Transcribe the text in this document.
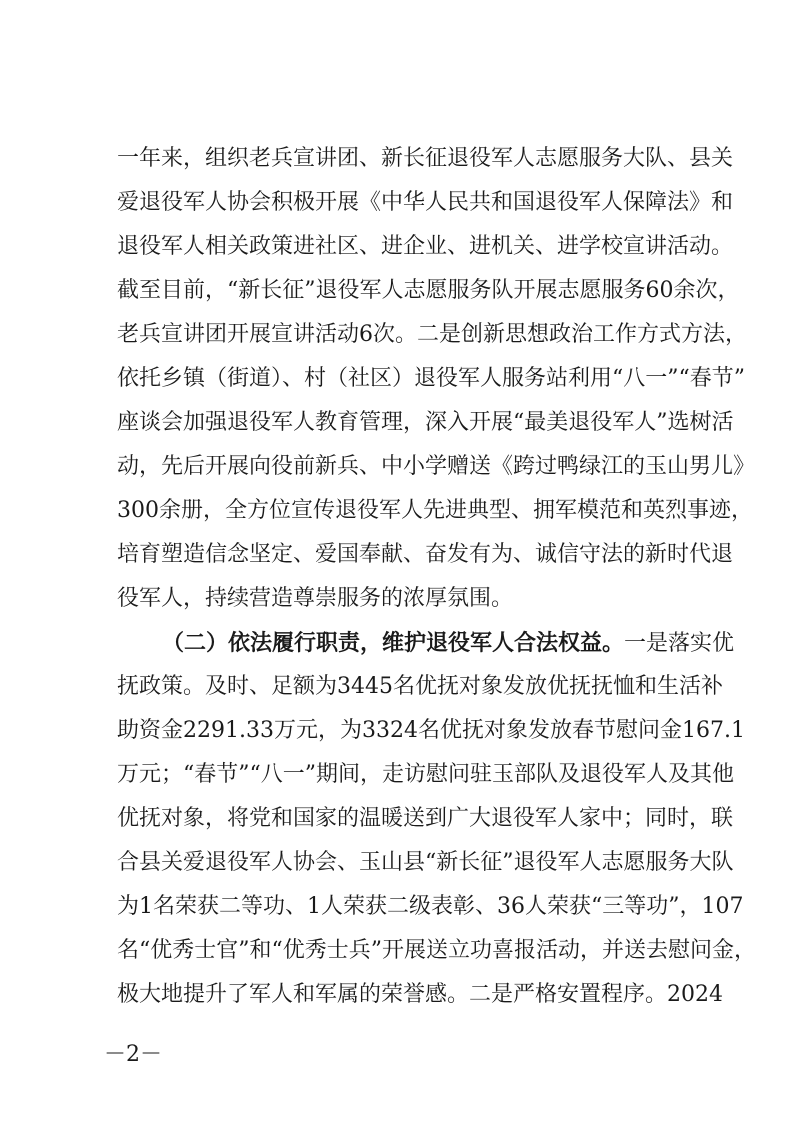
一年来，组织老兵宣讲团、新长征退役军人志愿服务大队、县关
爱退役军人协会积极开展《中华人民共和国退役军人保障法》和
退役军人相关政策进社区、进企业、进机关、进学校宣讲活动。
截至目前，“新长征”退役军人志愿服务队开展志愿服务60余次，
老兵宣讲团开展宣讲活动6次。二是创新思想政治工作方式方法，
依托乡镇（街道）、村（社区）退役军人服务站利用“八一”“春节”
座谈会加强退役军人教育管理，深入开展“最美退役军人”选树活
动，先后开展向役前新兵、中小学赠送《跨过鸭绿江的玉山男儿》
300余册，全方位宣传退役军人先进典型、拥军模范和英烈事迹，
培育塑造信念坚定、爱国奉献、奋发有为、诚信守法的新时代退
役军人，持续营造尊崇服务的浓厚氛围。
（二）依法履行职责，维护退役军人合法权益。一是落实优
抚政策。及时、足额为3445名优抚对象发放优抚抚恤和生活补
助资金2291.33万元，为3324名优抚对象发放春节慰问金167.1
万元；“春节”“八一”期间，走访慰问驻玉部队及退役军人及其他
优抚对象，将党和国家的温暖送到广大退役军人家中；同时，联
合县关爱退役军人协会、玉山县“新长征”退役军人志愿服务大队
为1名荣获二等功、1人荣获二级表彰、36人荣获“三等功”，107
名“优秀士官”和“优秀士兵”开展送立功喜报活动，并送去慰问金，
极大地提升了军人和军属的荣誉感。二是严格安置程序。2024
－2－
